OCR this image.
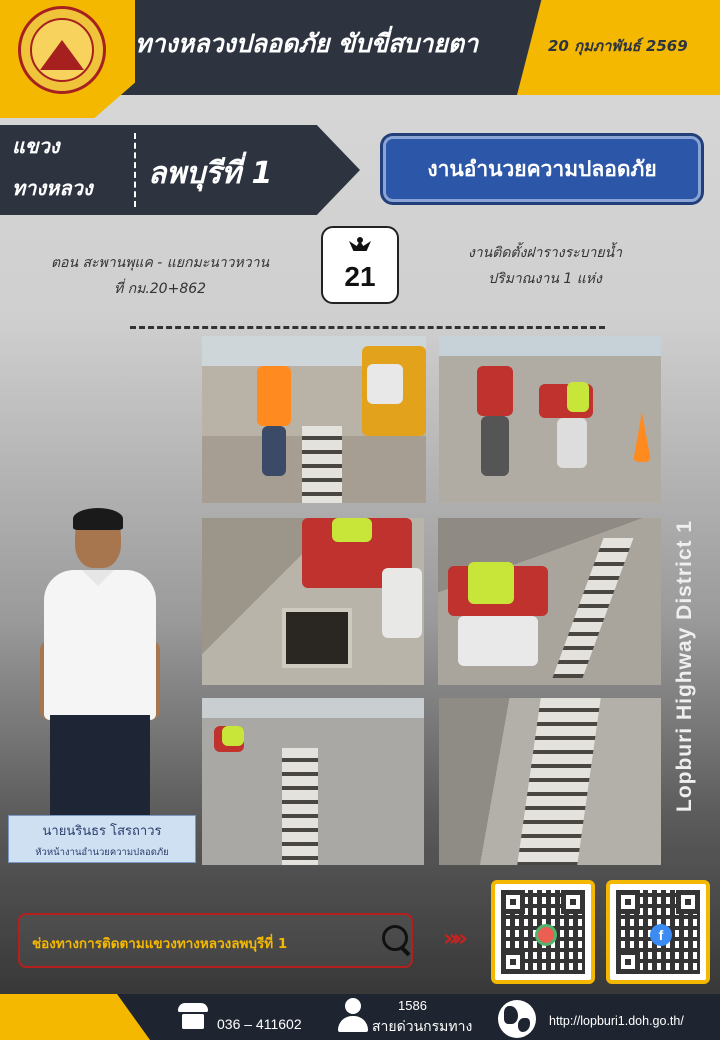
ทางหลวงปลอดภัย ขับขี่สบายตา	20 กุมภาพันธ์ 2569
แขวง
ทางหลวง ลพบุรีที่ 1	งานอำนวยความปลอดภัย
ตอน สะพานพุแค - แยกมะนาวหวาน
ที่ กม.20+862	21
งานติดตั้งฝารางระบายน้ำ
ปริมาณงาน 1 แห่ง
นายนรินธร โสรถาวร
หัวหน้างานอำนวยความปลอดภัย
Lopburi Highway District 1
ช่องทางการติดตามแขวงทางหลวงลพบุรีที่ 1	»»	f
036 – 411602
1586
สายด่วนกรมทาง	http://lopburi1.doh.go.th/
